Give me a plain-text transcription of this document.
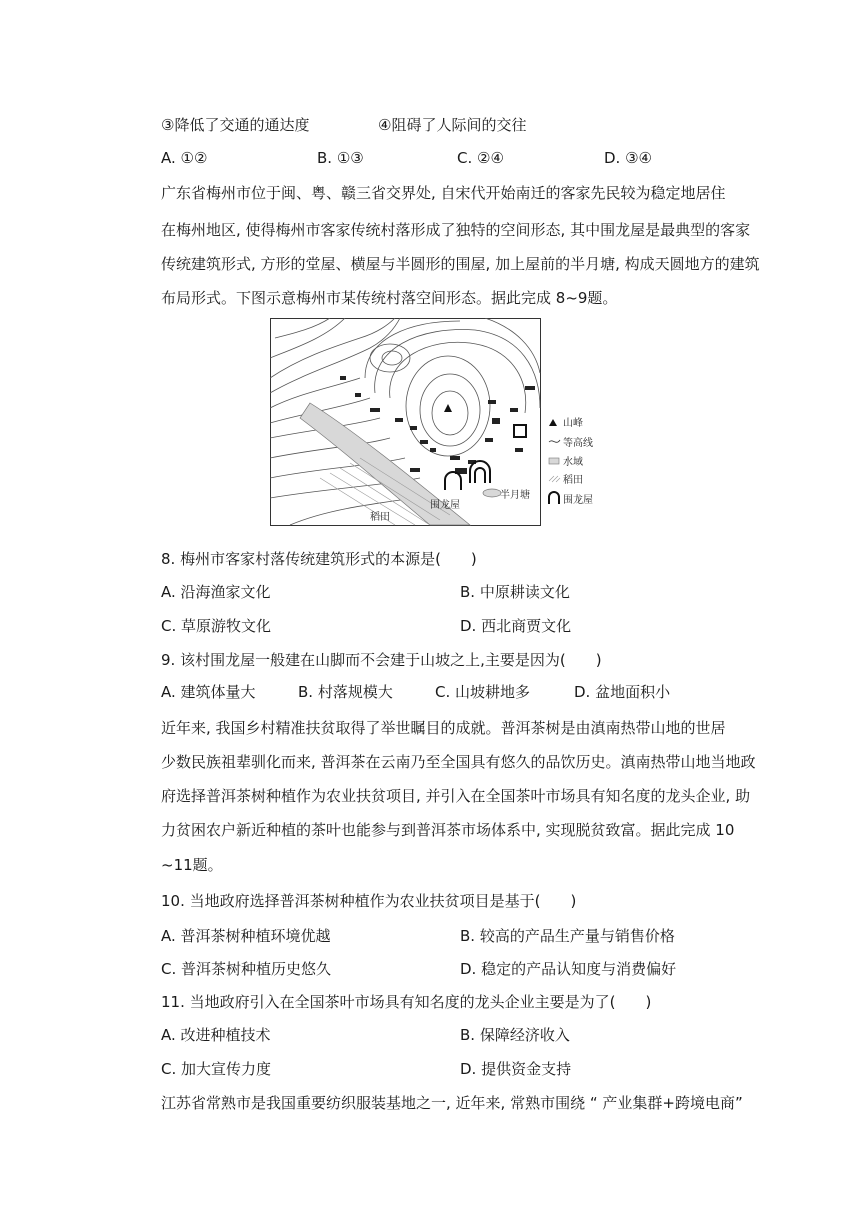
③降低了交通的通达度	④阻碍了人际间的交往
A. ①②	B. ①③	C. ②④	D. ③④
广东省梅州市位于闽、粤、赣三省交界处, 自宋代开始南迁的客家先民较为稳定地居住
在梅州地区, 使得梅州市客家传统村落形成了独特的空间形态, 其中围龙屋是最典型的客家
传统建筑形式, 方形的堂屋、横屋与半圆形的围屋, 加上屋前的半月塘, 构成天圆地方的建筑
布局形式。下图示意梅州市某传统村落空间形态。据此完成 8~9题。
稻田
围龙屋
半月塘
山峰
等高线
水域
稻田
围龙屋
8. 梅州市客家村落传统建筑形式的本源是(　　)
A. 沿海渔家文化	B. 中原耕读文化
C. 草原游牧文化	D. 西北商贾文化
9. 该村围龙屋一般建在山脚而不会建于山坡之上,主要是因为(　　)
A. 建筑体量大	B. 村落规模大	C. 山坡耕地多	D. 盆地面积小
近年来, 我国乡村精准扶贫取得了举世瞩目的成就。普洱茶树是由滇南热带山地的世居
少数民族祖辈驯化而来, 普洱茶在云南乃至全国具有悠久的品饮历史。滇南热带山地当地政
府选择普洱茶树种植作为农业扶贫项目, 并引入在全国茶叶市场具有知名度的龙头企业, 助
力贫困农户新近种植的茶叶也能参与到普洱茶市场体系中, 实现脱贫致富。据此完成 10
~11题。
10. 当地政府选择普洱茶树种植作为农业扶贫项目是基于(　　)
A. 普洱茶树种植环境优越	B. 较高的产品生产量与销售价格
C. 普洱茶树种植历史悠久	D. 稳定的产品认知度与消费偏好
11. 当地政府引入在全国茶叶市场具有知名度的龙头企业主要是为了(　　)
A. 改进种植技术	B. 保障经济收入
C. 加大宣传力度	D. 提供资金支持
江苏省常熟市是我国重要纺织服装基地之一, 近年来, 常熟市围绕 “ 产业集群+跨境电商”
